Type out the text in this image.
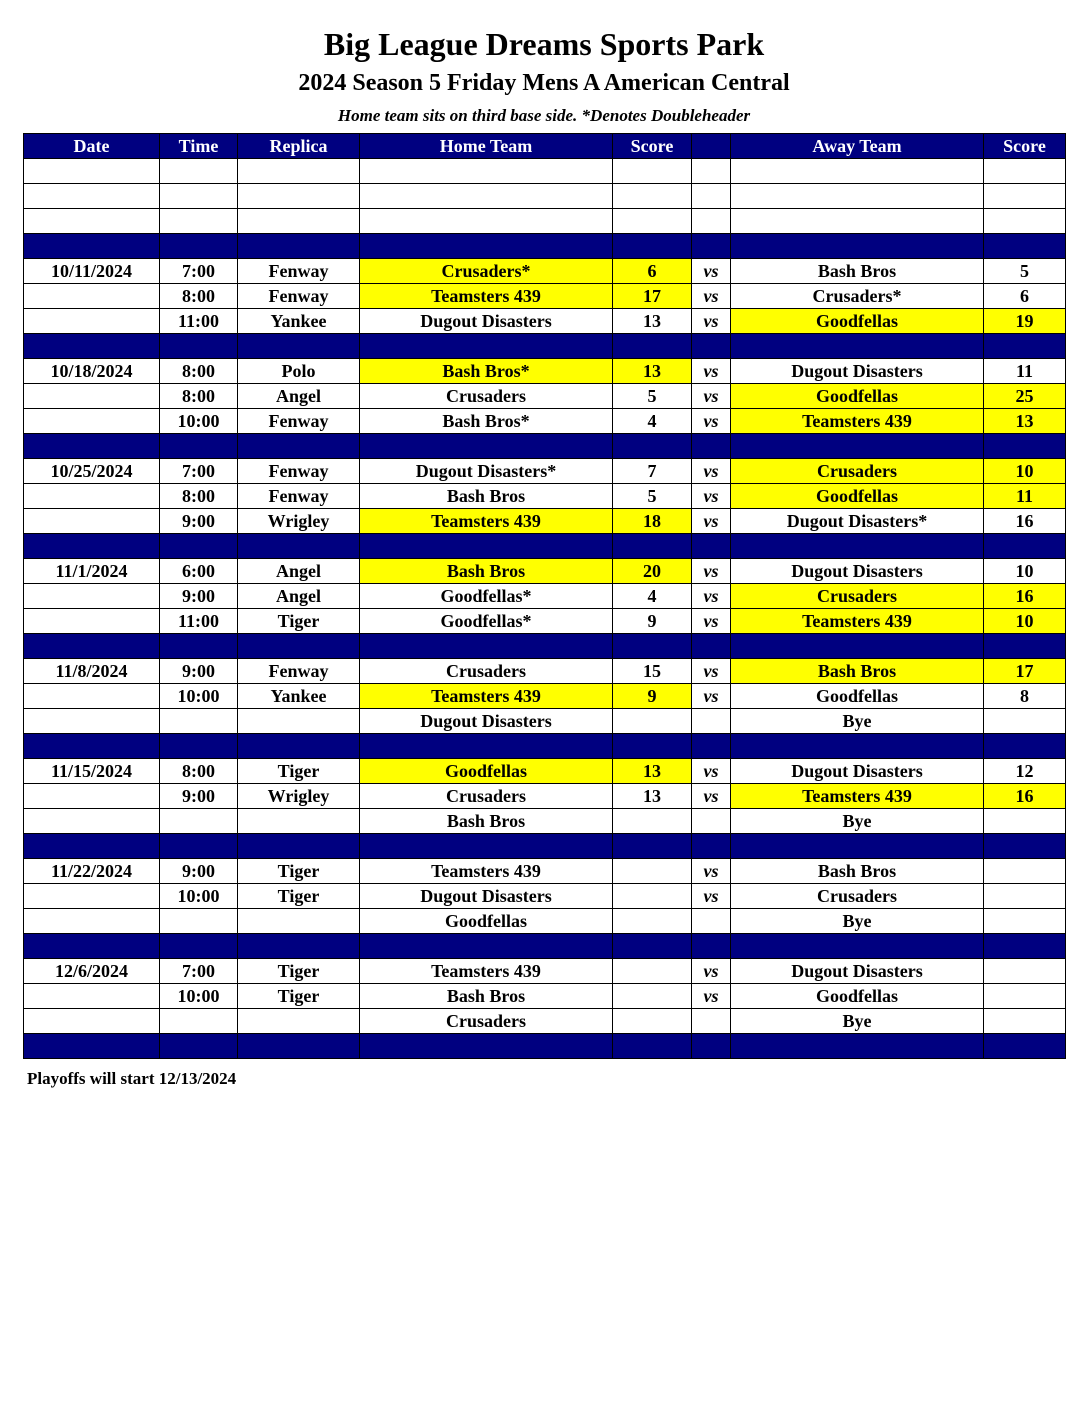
Big League Dreams Sports Park
2024 Season 5 Friday Mens A American Central
Home team sits on third base side. *Denotes Doubleheader
Date	Time	Replica	Home Team	Score		Away Team	Score

10/11/2024	7:00	Fenway	Crusaders*	6	vs	Bash Bros	5
	8:00	Fenway	Teamsters 439	17	vs	Crusaders*	6
	11:00	Yankee	Dugout Disasters	13	vs	Goodfellas	19

10/18/2024	8:00	Polo	Bash Bros*	13	vs	Dugout Disasters	11
	8:00	Angel	Crusaders	5	vs	Goodfellas	25
	10:00	Fenway	Bash Bros*	4	vs	Teamsters 439	13

10/25/2024	7:00	Fenway	Dugout Disasters*	7	vs	Crusaders	10
	8:00	Fenway	Bash Bros	5	vs	Goodfellas	11
	9:00	Wrigley	Teamsters 439	18	vs	Dugout Disasters*	16

11/1/2024	6:00	Angel	Bash Bros	20	vs	Dugout Disasters	10
	9:00	Angel	Goodfellas*	4	vs	Crusaders	16
	11:00	Tiger	Goodfellas*	9	vs	Teamsters 439	10

11/8/2024	9:00	Fenway	Crusaders	15	vs	Bash Bros	17
	10:00	Yankee	Teamsters 439	9	vs	Goodfellas	8
			Dugout Disasters			Bye	

11/15/2024	8:00	Tiger	Goodfellas	13	vs	Dugout Disasters	12
	9:00	Wrigley	Crusaders	13	vs	Teamsters 439	16
			Bash Bros			Bye	

11/22/2024	9:00	Tiger	Teamsters 439		vs	Bash Bros	
	10:00	Tiger	Dugout Disasters		vs	Crusaders	
			Goodfellas			Bye	

12/6/2024	7:00	Tiger	Teamsters 439		vs	Dugout Disasters	
	10:00	Tiger	Bash Bros		vs	Goodfellas	
			Crusaders			Bye	

Playoffs will start 12/13/2024
